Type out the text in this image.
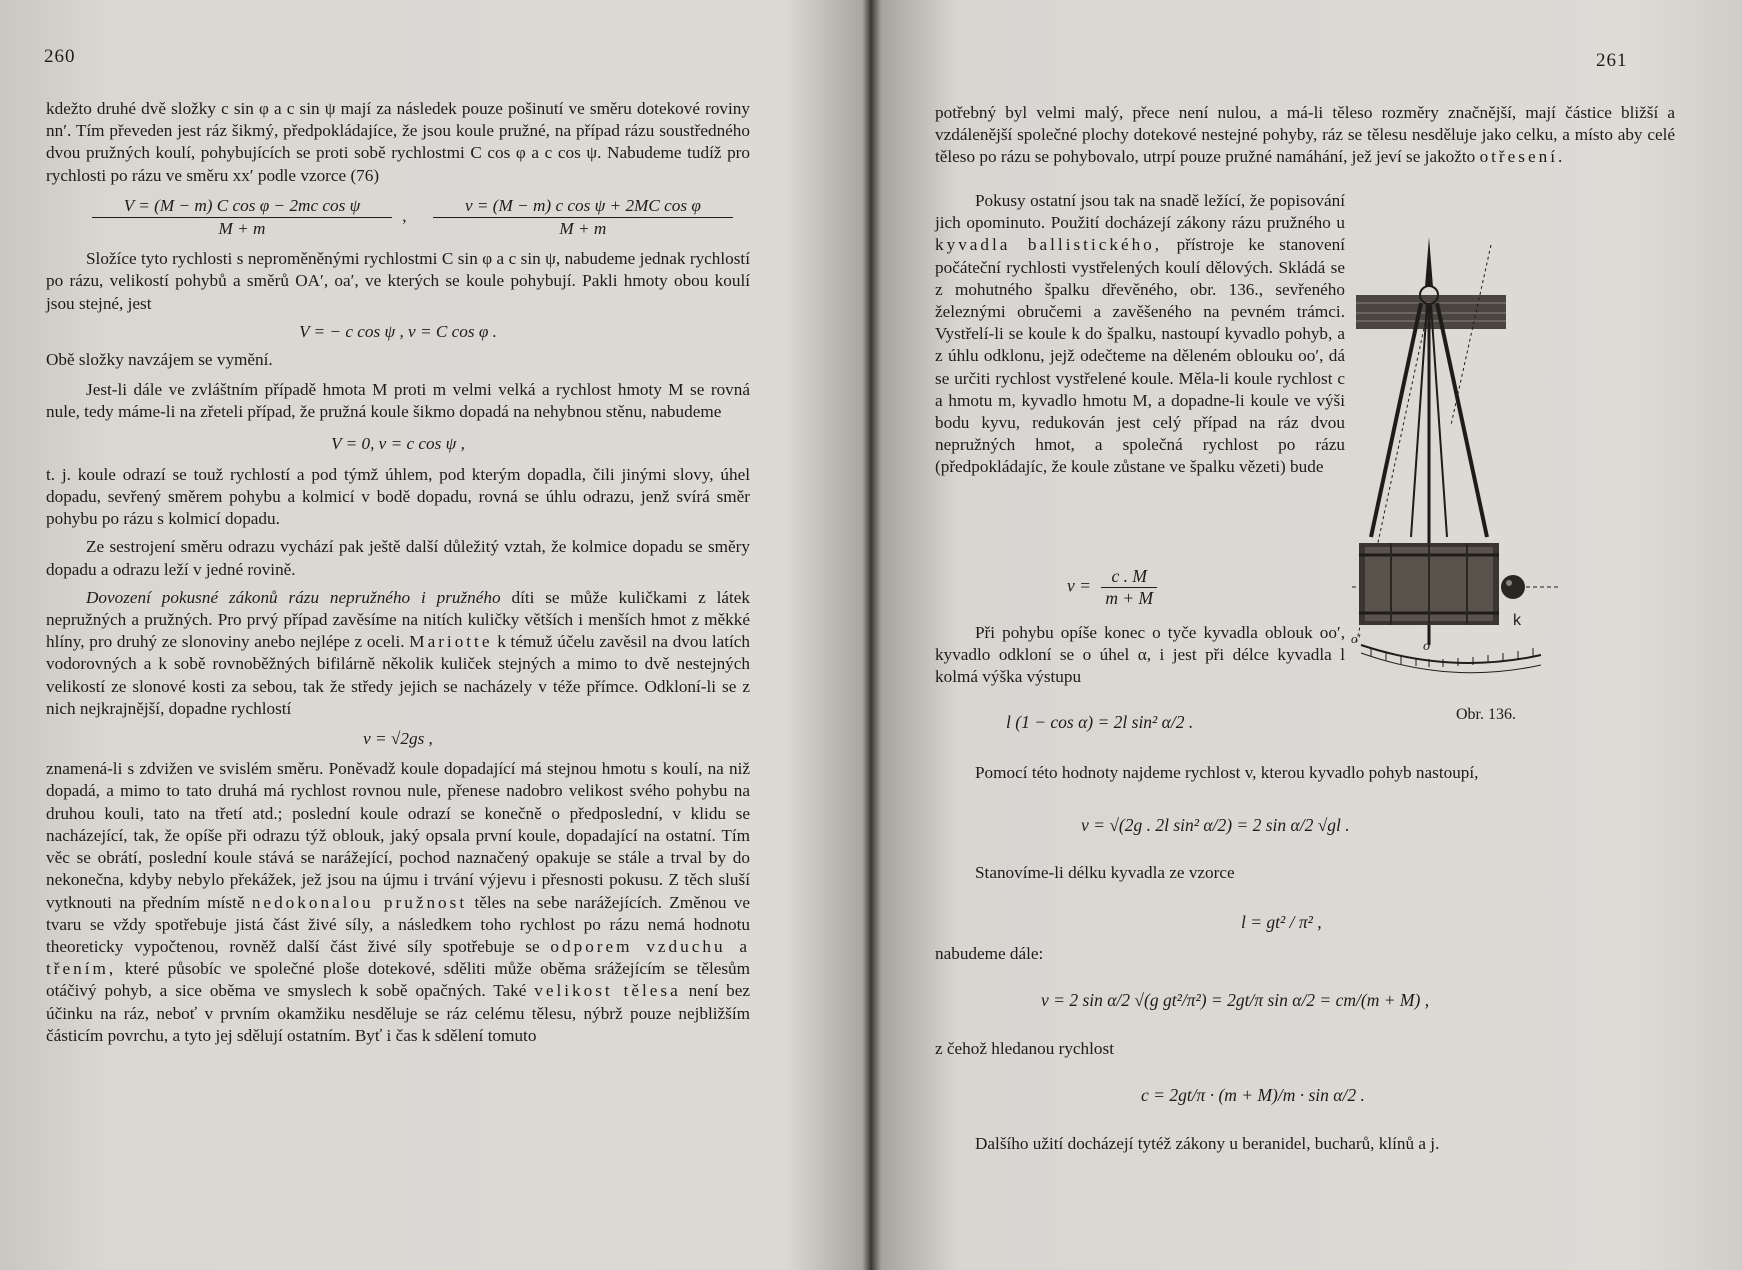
260

kdežto druhé dvě složky c sin φ a c sin ψ mají za následek pouze pošinutí ve směru dotekové roviny nn′. Tím převeden jest ráz šikmý, předpokládajíce, že jsou koule pružné, na případ rázu soustředného dvou pružných koulí, pohybujících se proti sobě rychlostmi C cos φ a c cos ψ. Nabudeme tudíž pro rychlosti po rázu ve směru xx′ podle vzorce (76)

$\frac{\text{V = (M − m) C cos φ − 2mc cos ψ}}{M + m}$ , $\frac{\text{v = (M − m) c cos ψ + 2MC cos φ}}{M + m}$

Složíce tyto rychlosti s neproměněnými rychlostmi C sin φ a c sin ψ, nabudeme jednak rychlostí po rázu, velikostí pohybů a směrů OA′, oa′, ve kterých se koule pohybují. Pakli hmoty obou koulí jsou stejné, jest

V = − c cos ψ , v = C cos φ .

Obě složky navzájem se vymění.

Jest-li dále ve zvláštním případě hmota M proti m velmi velká a rychlost hmoty M se rovná nule, tedy máme-li na zřeteli případ, že pružná koule šikmo dopadá na nehybnou stěnu, nabudeme

V = 0, v = c cos ψ ,

t. j. koule odrazí se touž rychlostí a pod týmž úhlem, pod kterým dopadla, čili jinými slovy, úhel dopadu, sevřený směrem pohybu a kolmicí v bodě dopadu, rovná se úhlu odrazu, jenž svírá směr pohybu po rázu s kolmicí dopadu.

Ze sestrojení směru odrazu vychází pak ještě další důležitý vztah, že kolmice dopadu se směry dopadu a odrazu leží v jedné rovině.

Dovození pokusné zákonů rázu nepružného i pružného díti se může kuličkami z látek nepružných a pružných. Pro prvý případ zavěsíme na nitích kuličky větších i menších hmot z měkké hlíny, pro druhý ze slonoviny anebo nejlépe z oceli. Mariotte k témuž účelu zavěsil na dvou latích vodorovných a k sobě rovnoběžných bifilárně několik kuliček stejných a mimo to dvě nestejných velikostí ze slonové kosti za sebou, tak že středy jejich se nacházely v téže přímce. Odkloní-li se z nich nejkrajnější, dopadne rychlostí

v = √2gs ,

znamená-li s zdvižen ve svislém směru. Poněvadž koule dopadající má stejnou hmotu s koulí, na niž dopadá, a mimo to tato druhá má rychlost rovnou nule, přenese nadobro velikost svého pohybu na druhou kouli, tato na třetí atd.; poslední koule odrazí se konečně o předposlední, v klidu se nacházející, tak, že opíše při odrazu týž oblouk, jaký opsala první koule, dopadající na ostatní. Tím věc se obrátí, poslední koule stává se narážející, pochod naznačený opakuje se stále a trval by do nekonečna, kdyby nebylo překážek, jež jsou na újmu i trvání výjevu i přesnosti pokusu. Z těch sluší vytknouti na předním místě nedokonalou pružnost těles na sebe narážejících. Změnou ve tvaru se vždy spotřebuje jistá část živé síly, a následkem toho rychlost po rázu nemá hodnotu theoreticky vypočtenou, rovněž další část živé síly spotřebuje se odporem vzduchu a třením, které působíc ve společné ploše dotekové, sděliti může oběma srážejícím se tělesům otáčivý pohyb, a sice oběma ve smyslech k sobě opačných. Také velikost tělesa není bez účinku na ráz, neboť v prvním okamžiku nesděluje se ráz celému tělesu, nýbrž pouze nejbližším částicím povrchu, a tyto jej sdělují ostatním. Byť i čas k sdělení tomuto

261

potřebný byl velmi malý, přece není nulou, a má-li těleso rozměry značnější, mají částice bližší a vzdálenější společné plochy dotekové nestejné pohyby, ráz se tělesu nesděluje jako celku, a místo aby celé těleso po rázu se pohybovalo, utrpí pouze pružné namáhání, jež jeví se jakožto otřesení.

Pokusy ostatní jsou tak na snadě ležící, že popisování jich opominuto. Použití docházejí zákony rázu pružného u kyvadla ballistického, přístroje ke stanovení počáteční rychlosti vystřelených koulí dělových. Skládá se z mohutného špalku dřevěného, obr. 136., sevřeného železnými obručemi a zavěšeného na pevném trámci. Vystřelí-li se koule k do špalku, nastoupí kyvadlo pohyb, a z úhlu odklonu, jejž odečteme na děleném oblouku oo′, dá se určiti rychlost vystřelené koule. Měla-li koule rychlost c a hmotu m, kyvadlo hmotu M, a dopadne-li koule ve výši bodu kyvu, redukován jest celý případ na ráz dvou nepružných hmot, a společná rychlost po rázu (předpokládajíc, že koule zůstane ve špalku vězeti) bude

$v = \frac{c . M}{m + M}$

Při pohybu opíše konec o tyče kyvadla oblouk oo′, kyvadlo odkloní se o úhel α, i jest při délce kyvadla l kolmá výška výstupu

l (1 − cos α) = 2l sin² α/2 .

Pomocí této hodnoty najdeme rychlost v, kterou kyvadlo pohyb nastoupí,

v = √(2g . 2l sin² α/2) = 2 sin α/2 √gl .

Stanovíme-li délku kyvadla ze vzorce

l = gt² / π² ,

nabudeme dále:

v = 2 sin α/2 √(g gt²/π²) = 2gt/π sin α/2 = cm/(m + M) ,

z čehož hledanou rychlost

c = 2gt/π · (m + M)/m · sin α/2 .

Dalšího užití docházejí tytéž zákony u beranidel, bucharů, klínů a j.

k
o
o′
Obr. 136.
